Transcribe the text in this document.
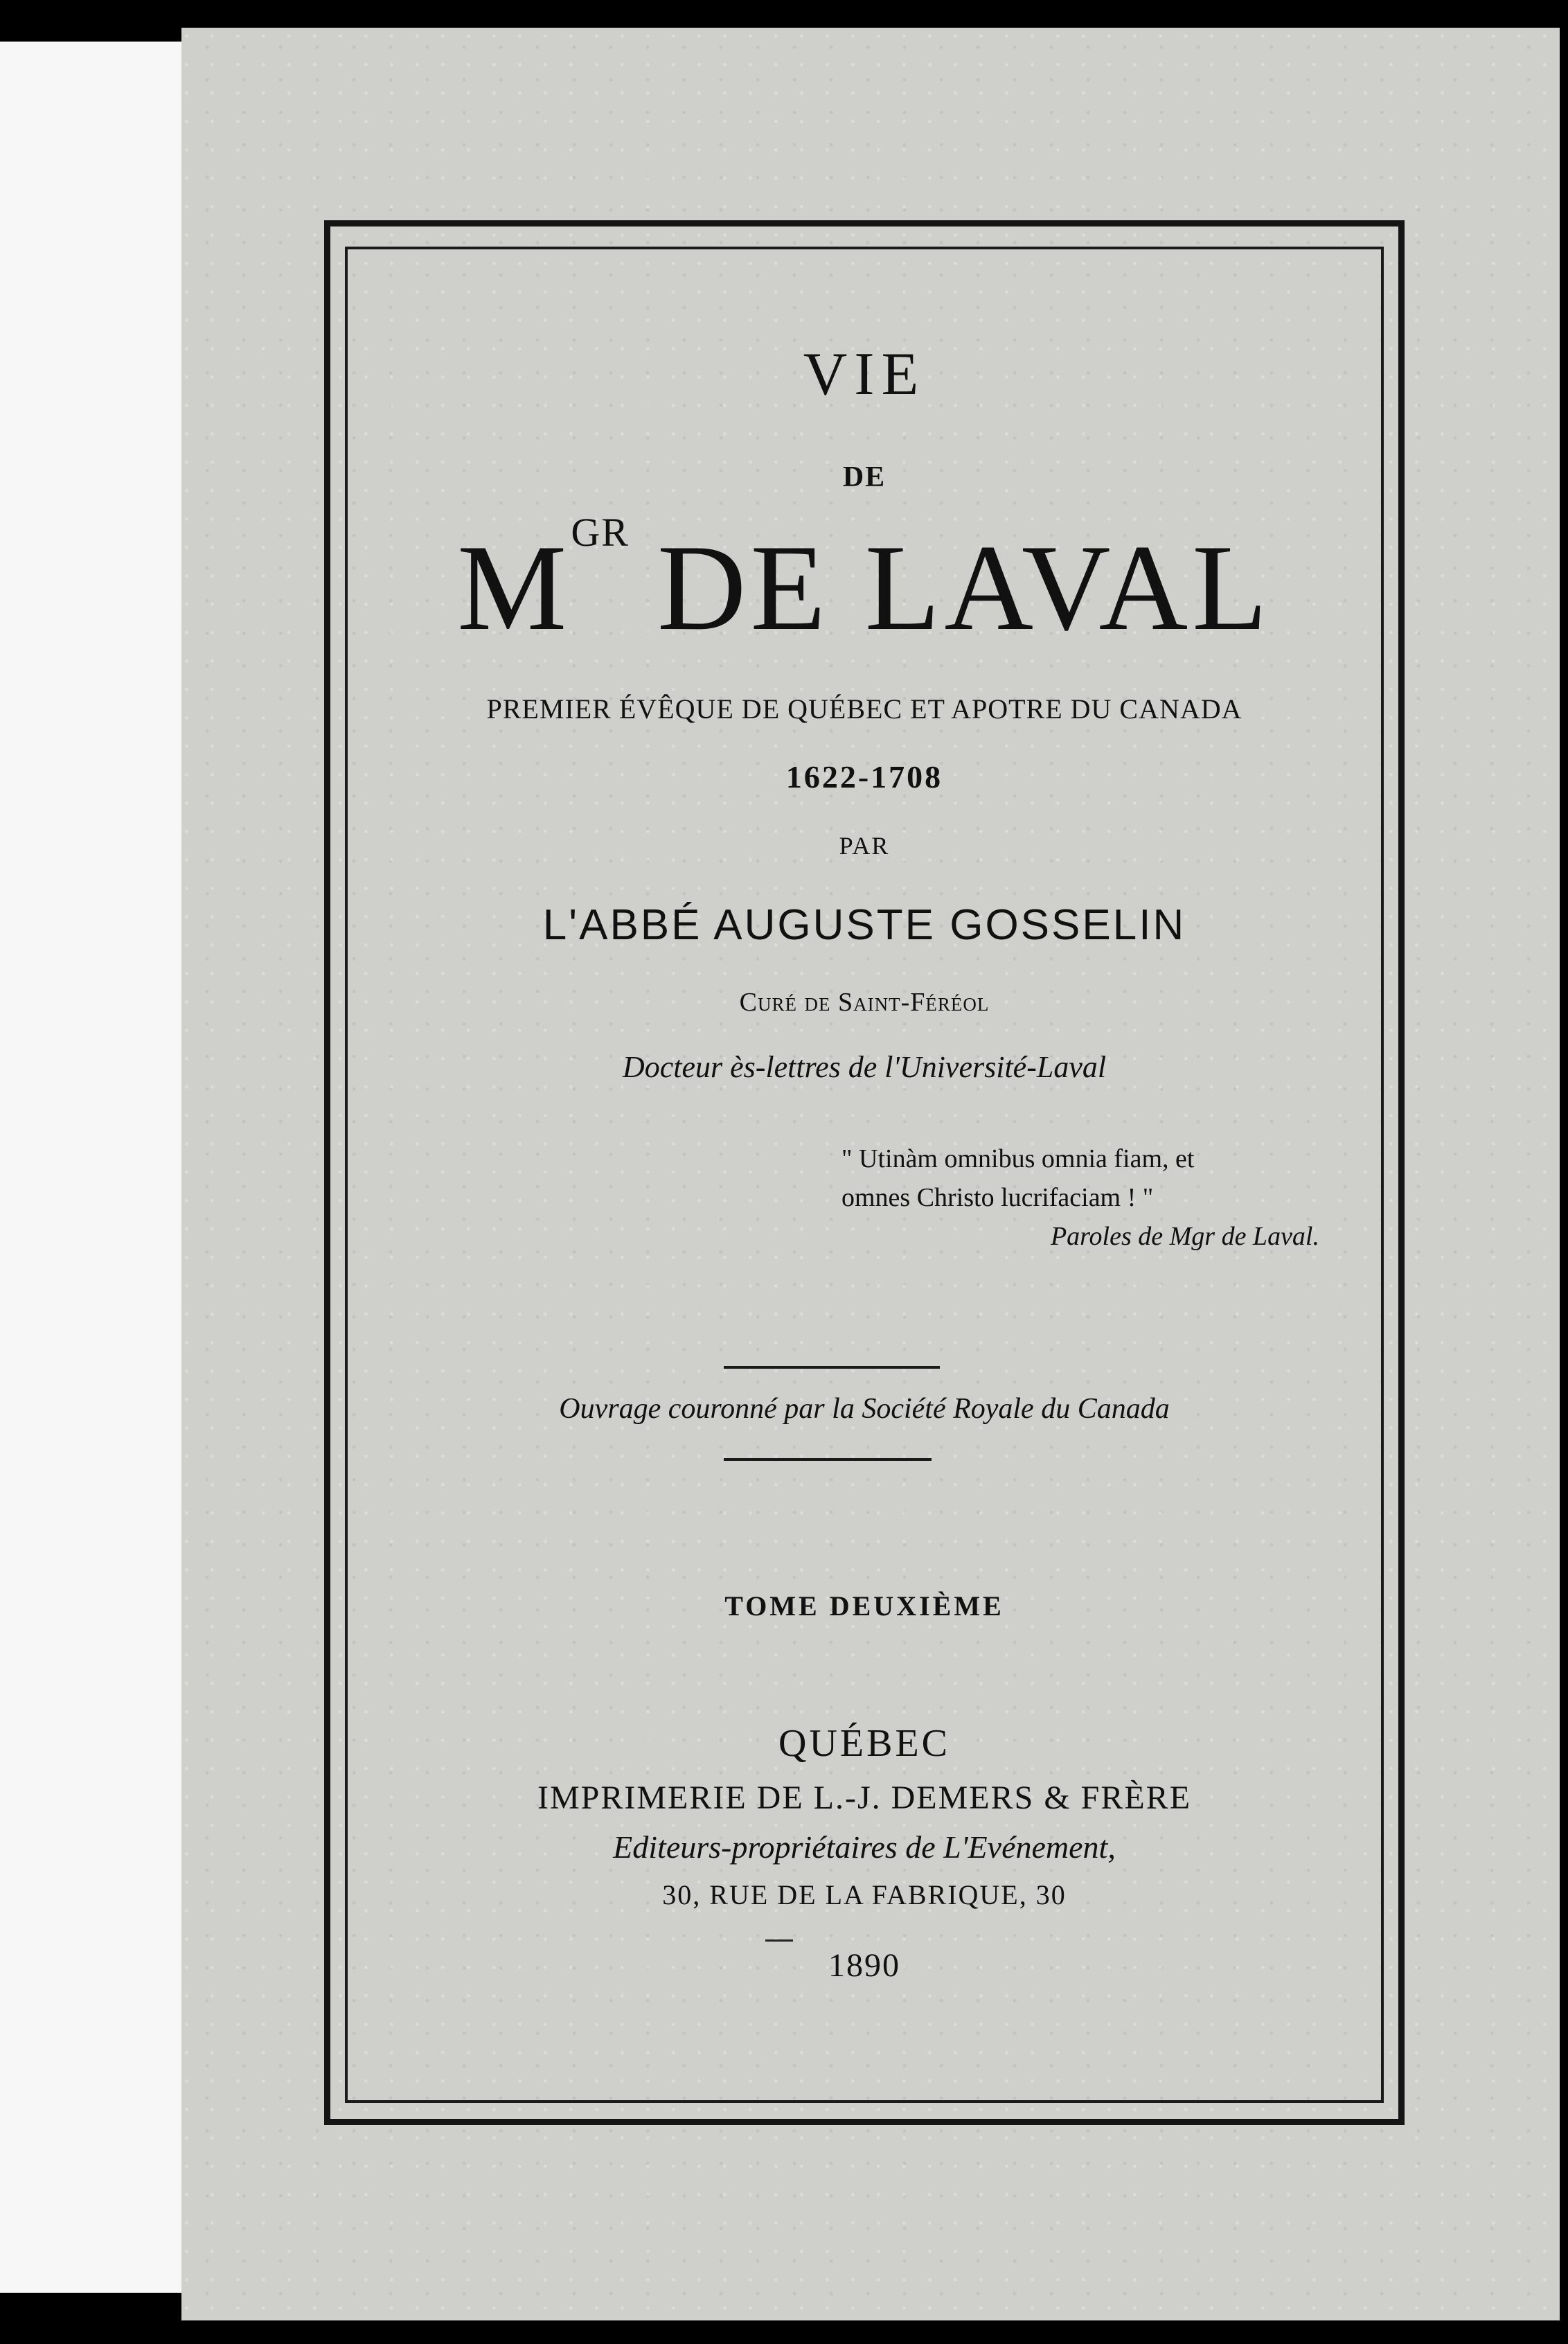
VIE
DE
$M^{GR}$ DE LAVAL
PREMIER ÉVÊQUE DE QUÉBEC ET APOTRE DU CANADA
1622-1708
PAR
L'ABBÉ AUGUSTE GOSSELIN
Curé de Saint-Féréol
Docteur ès-lettres de l'Université-Laval
" Utinàm omnibus omnia fiam, et
omnes Christo lucrifaciam ! "
Paroles de Mgr de Laval.
Ouvrage couronné par la Société Royale du Canada
TOME DEUXIÈME
QUÉBEC
IMPRIMERIE DE L.-J. DEMERS & FRÈRE
Editeurs-propriétaires de L'Evénement,
30, RUE DE LA FABRIQUE, 30
1890
